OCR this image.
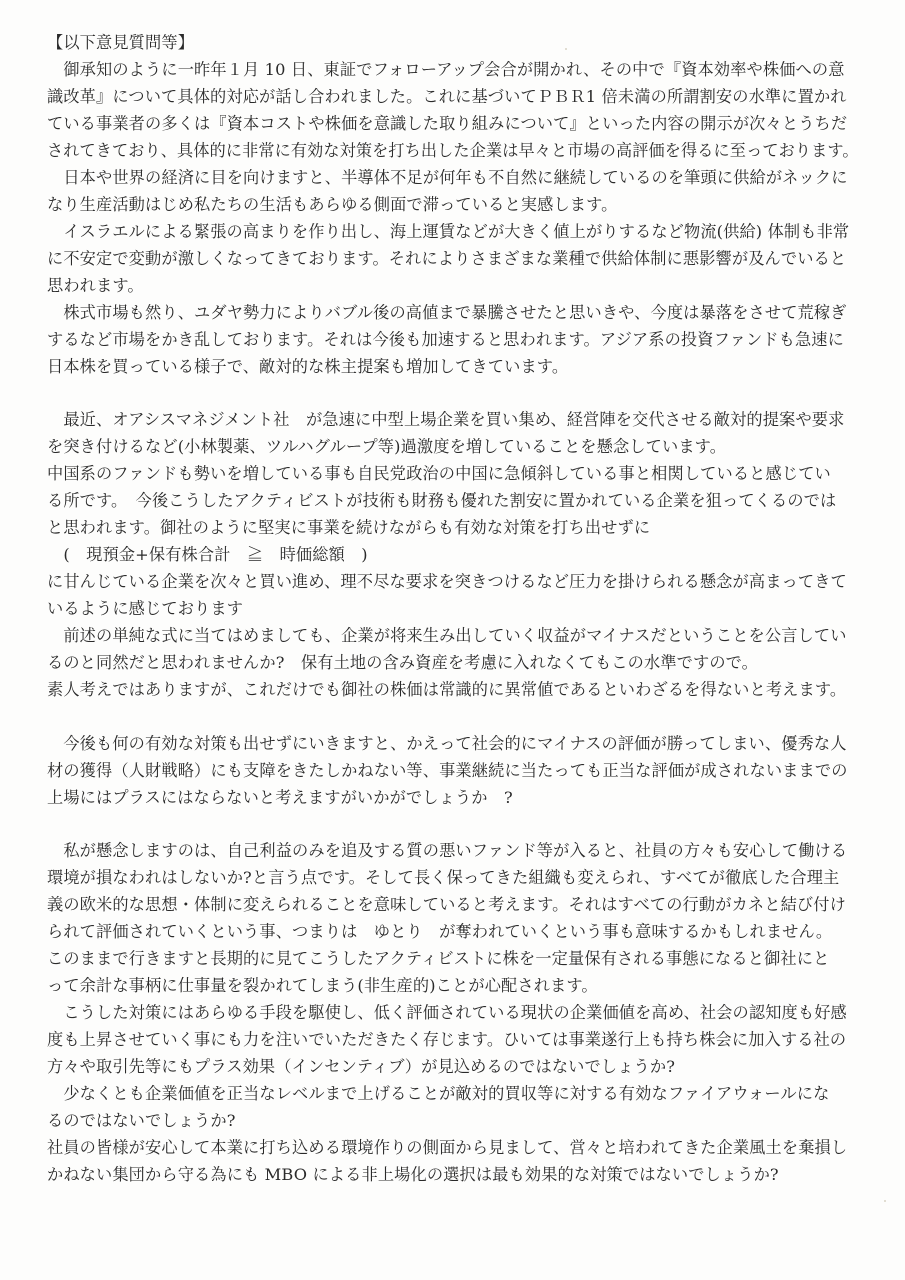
【以下意見質問等】
　御承知のように一昨年１月 10 日、東証でフォローアップ会合が開かれ、その中で『資本効率や株価への意
識改革』について具体的対応が話し合われました。これに基づいてＰＢＲ1 倍未満の所謂割安の水準に置かれ
ている事業者の多くは『資本コストや株価を意識した取り組みについて』といった内容の開示が次々とうちだ
されてきており、具体的に非常に有効な対策を打ち出した企業は早々と市場の高評価を得るに至っております。
　日本や世界の経済に目を向けますと、半導体不足が何年も不自然に継続しているのを筆頭に供給がネックに
なり生産活動はじめ私たちの生活もあらゆる側面で滞っていると実感します。
　イスラエルによる緊張の高まりを作り出し、海上運賃などが大きく値上がりするなど物流(供給) 体制も非常
に不安定で変動が激しくなってきております。それによりさまざまな業種で供給体制に悪影響が及んでいると
思われます。
　株式市場も然り、ユダヤ勢力によりバブル後の高値まで暴騰させたと思いきや、今度は暴落をさせて荒稼ぎ
するなど市場をかき乱しております。それは今後も加速すると思われます。アジア系の投資ファンドも急速に
日本株を買っている様子で、敵対的な株主提案も増加してきています。
　最近、オアシスマネジメント社　が急速に中型上場企業を買い集め、経営陣を交代させる敵対的提案や要求
を突き付けるなど(小林製薬、ツルハグループ等)過激度を増していることを懸念しています。
中国系のファンドも勢いを増している事も自民党政治の中国に急傾斜している事と相関していると感じてい
る所です。　今後こうしたアクティビストが技術も財務も優れた割安に置かれている企業を狙ってくるのでは
と思われます。御社のように堅実に事業を続けながらも有効な対策を打ち出せずに
　(　現預金+保有株合計　≧　時価総額　)
に甘んじている企業を次々と買い進め、理不尽な要求を突きつけるなど圧力を掛けられる懸念が高まってきて
いるように感じております
　前述の単純な式に当てはめましても、企業が将来生み出していく収益がマイナスだということを公言してい
るのと同然だと思われませんか?　保有土地の含み資産を考慮に入れなくてもこの水準ですので。
素人考えではありますが、これだけでも御社の株価は常識的に異常値であるといわざるを得ないと考えます。
　今後も何の有効な対策も出せずにいきますと、かえって社会的にマイナスの評価が勝ってしまい、優秀な人
材の獲得（人財戦略）にも支障をきたしかねない等、事業継続に当たっても正当な評価が成されないままでの
上場にはプラスにはならないと考えますがいかがでしょうか　?
　私が懸念しますのは、自己利益のみを追及する質の悪いファンド等が入ると、社員の方々も安心して働ける
環境が損なわれはしないか?と言う点です。そして長く保ってきた組織も変えられ、すべてが徹底した合理主
義の欧米的な思想・体制に変えられることを意味していると考えます。それはすべての行動がカネと結び付け
られて評価されていくという事、つまりは　ゆとり　が奪われていくという事も意味するかもしれません。
このままで行きますと長期的に見てこうしたアクティビストに株を一定量保有される事態になると御社にと
って余計な事柄に仕事量を裂かれてしまう(非生産的)ことが心配されます。
　こうした対策にはあらゆる手段を駆使し、低く評価されている現状の企業価値を高め、社会の認知度も好感
度も上昇させていく事にも力を注いでいただきたく存じます。ひいては事業遂行上も持ち株会に加入する社の
方々や取引先等にもプラス効果（インセンティブ）が見込めるのではないでしょうか?
　少なくとも企業価値を正当なレベルまで上げることが敵対的買収等に対する有効なファイアウォールにな
るのではないでしょうか?
社員の皆様が安心して本業に打ち込める環境作りの側面から見まして、営々と培われてきた企業風土を棄損し
かねない集団から守る為にも MBO による非上場化の選択は最も効果的な対策ではないでしょうか?
